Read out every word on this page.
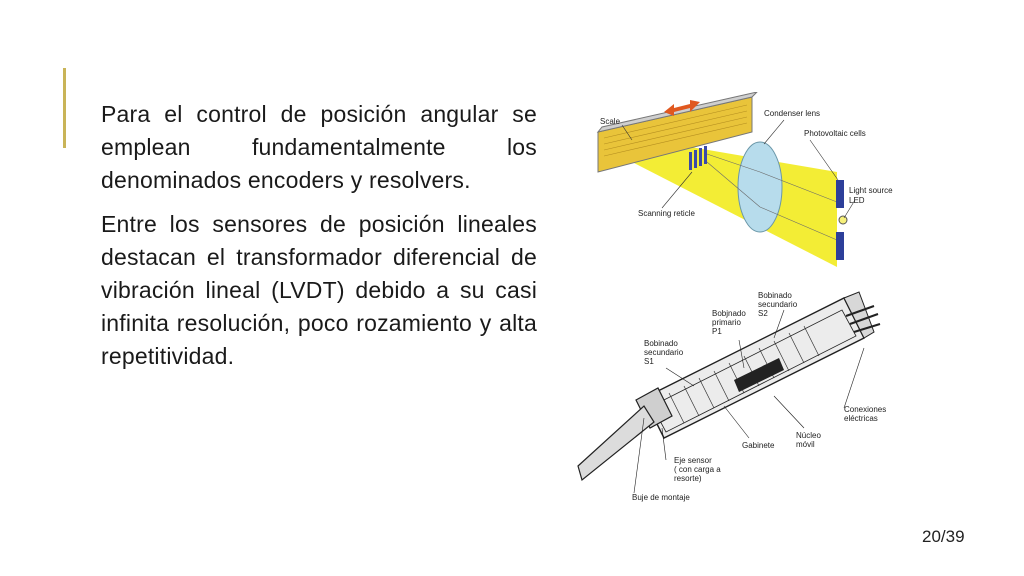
Para el control de posición angular se emplean fundamentalmente los denominados encoders y resolvers.

Entre los sensores de posición lineales destacan el transformador diferencial de vibración lineal (LVDT) debido a su casi infinita resolución, poco rozamiento y alta repetitividad.

Scale
Condenser lens
Photovoltaic cells
Light source
LED
Scanning reticle
Bobinado
secundario
S2
Bobjnado
primario
P1
Bobinado
secundario
S1
Conexiones
eléctricas
Núcleo
móvil
Gabinete
Eje sensor
( con carga a
resorte)
Buje de montaje
20/39
